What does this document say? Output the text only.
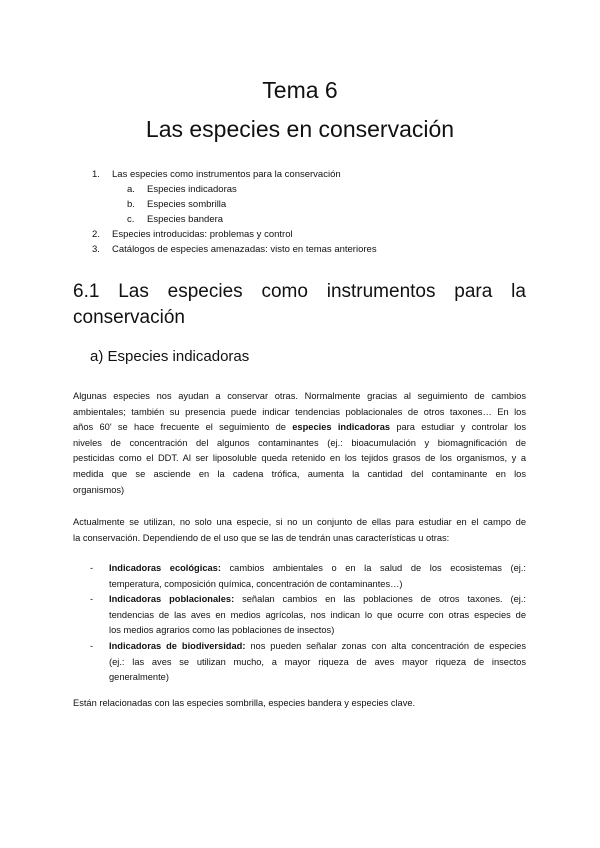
Tema 6
Las especies en conservación
1. Las especies como instrumentos para la conservación
a. Especies indicadoras
b. Especies sombrilla
c. Especies bandera
2. Especies introducidas: problemas y control
3. Catálogos de especies amenazadas: visto en temas anteriores
6.1 Las especies como instrumentos para la
conservación
a) Especies indicadoras
Algunas especies nos ayudan a conservar otras. Normalmente gracias al seguimiento de cambios
ambientales; también su presencia puede indicar tendencias poblacionales de otros taxones… En los
años 60' se hace frecuente el seguimiento de especies indicadoras para estudiar y controlar los
niveles de concentración del algunos contaminantes (ej.: bioacumulación y biomagnificación de
pesticidas como el DDT. Al ser liposoluble queda retenido en los tejidos grasos de los organismos, y a
medida que se asciende en la cadena trófica, aumenta la cantidad del contaminante en los
organismos)
Actualmente se utilizan, no solo una especie, si no un conjunto de ellas para estudiar en el campo de
la conservación. Dependiendo de el uso que se las de tendrán unas características u otras:
- Indicadoras ecológicas: cambios ambientales o en la salud de los ecosistemas (ej.:
temperatura, composición química, concentración de contaminantes…)
- Indicadoras poblacionales: señalan cambios en las poblaciones de otros taxones. (ej.:
tendencias de las aves en medios agrícolas, nos indican lo que ocurre con otras especies de
los medios agrarios como las poblaciones de insectos)
- Indicadoras de biodiversidad: nos pueden señalar zonas con alta concentración de especies
(ej.: las aves se utilizan mucho, a mayor riqueza de aves mayor riqueza de insectos
generalmente)
Están relacionadas con las especies sombrilla, especies bandera y especies clave.
